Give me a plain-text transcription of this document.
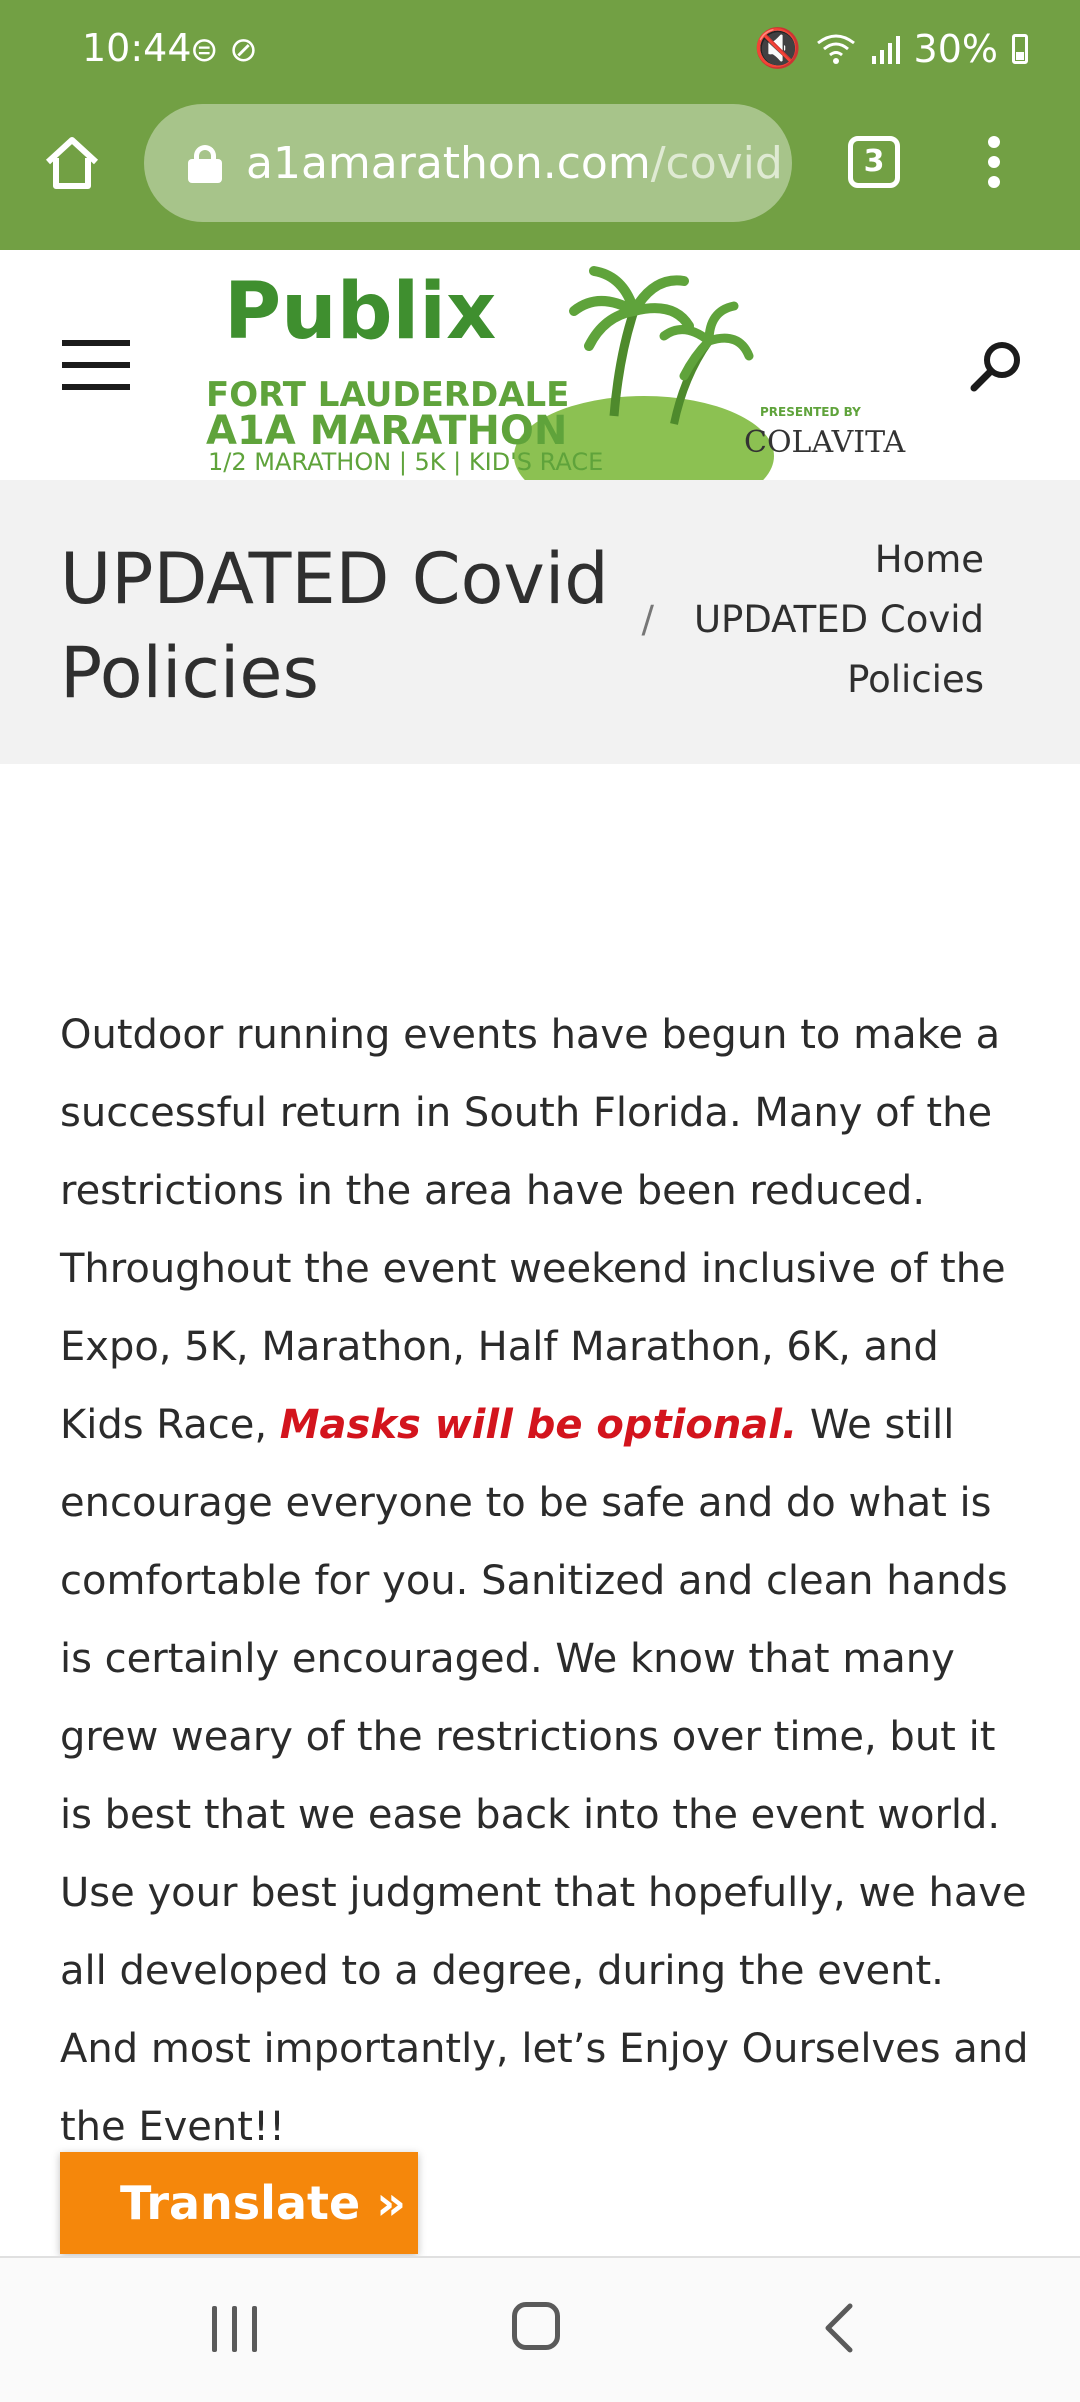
10:44
⊜ ⊘	🔇	30%
a1amarathon.com/covid	3
Publix
FORT LAUDERDALE
A1A MARATHON
1/2 MARATHON | 5K | KID'S RACE
PRESENTED BY
COLAVITA
UPDATED Covid Policies
Home
/ UPDATED Covid Policies
Outdoor running events have begun to make a successful return in South Florida. Many of the restrictions in the area have been reduced. Throughout the event weekend inclusive of the Expo, 5K, Marathon, Half Marathon, 6K, and Kids Race, Masks will be optional. We still encourage everyone to be safe and do what is comfortable for you. Sanitized and clean hands is certainly encouraged. We know that many grew weary of the restrictions over time, but it is best that we ease back into the event world. Use your best judgment that hopefully, we have all developed to a degree, during the event. And most importantly, let’s Enjoy Ourselves and the Event!!
Translate »
